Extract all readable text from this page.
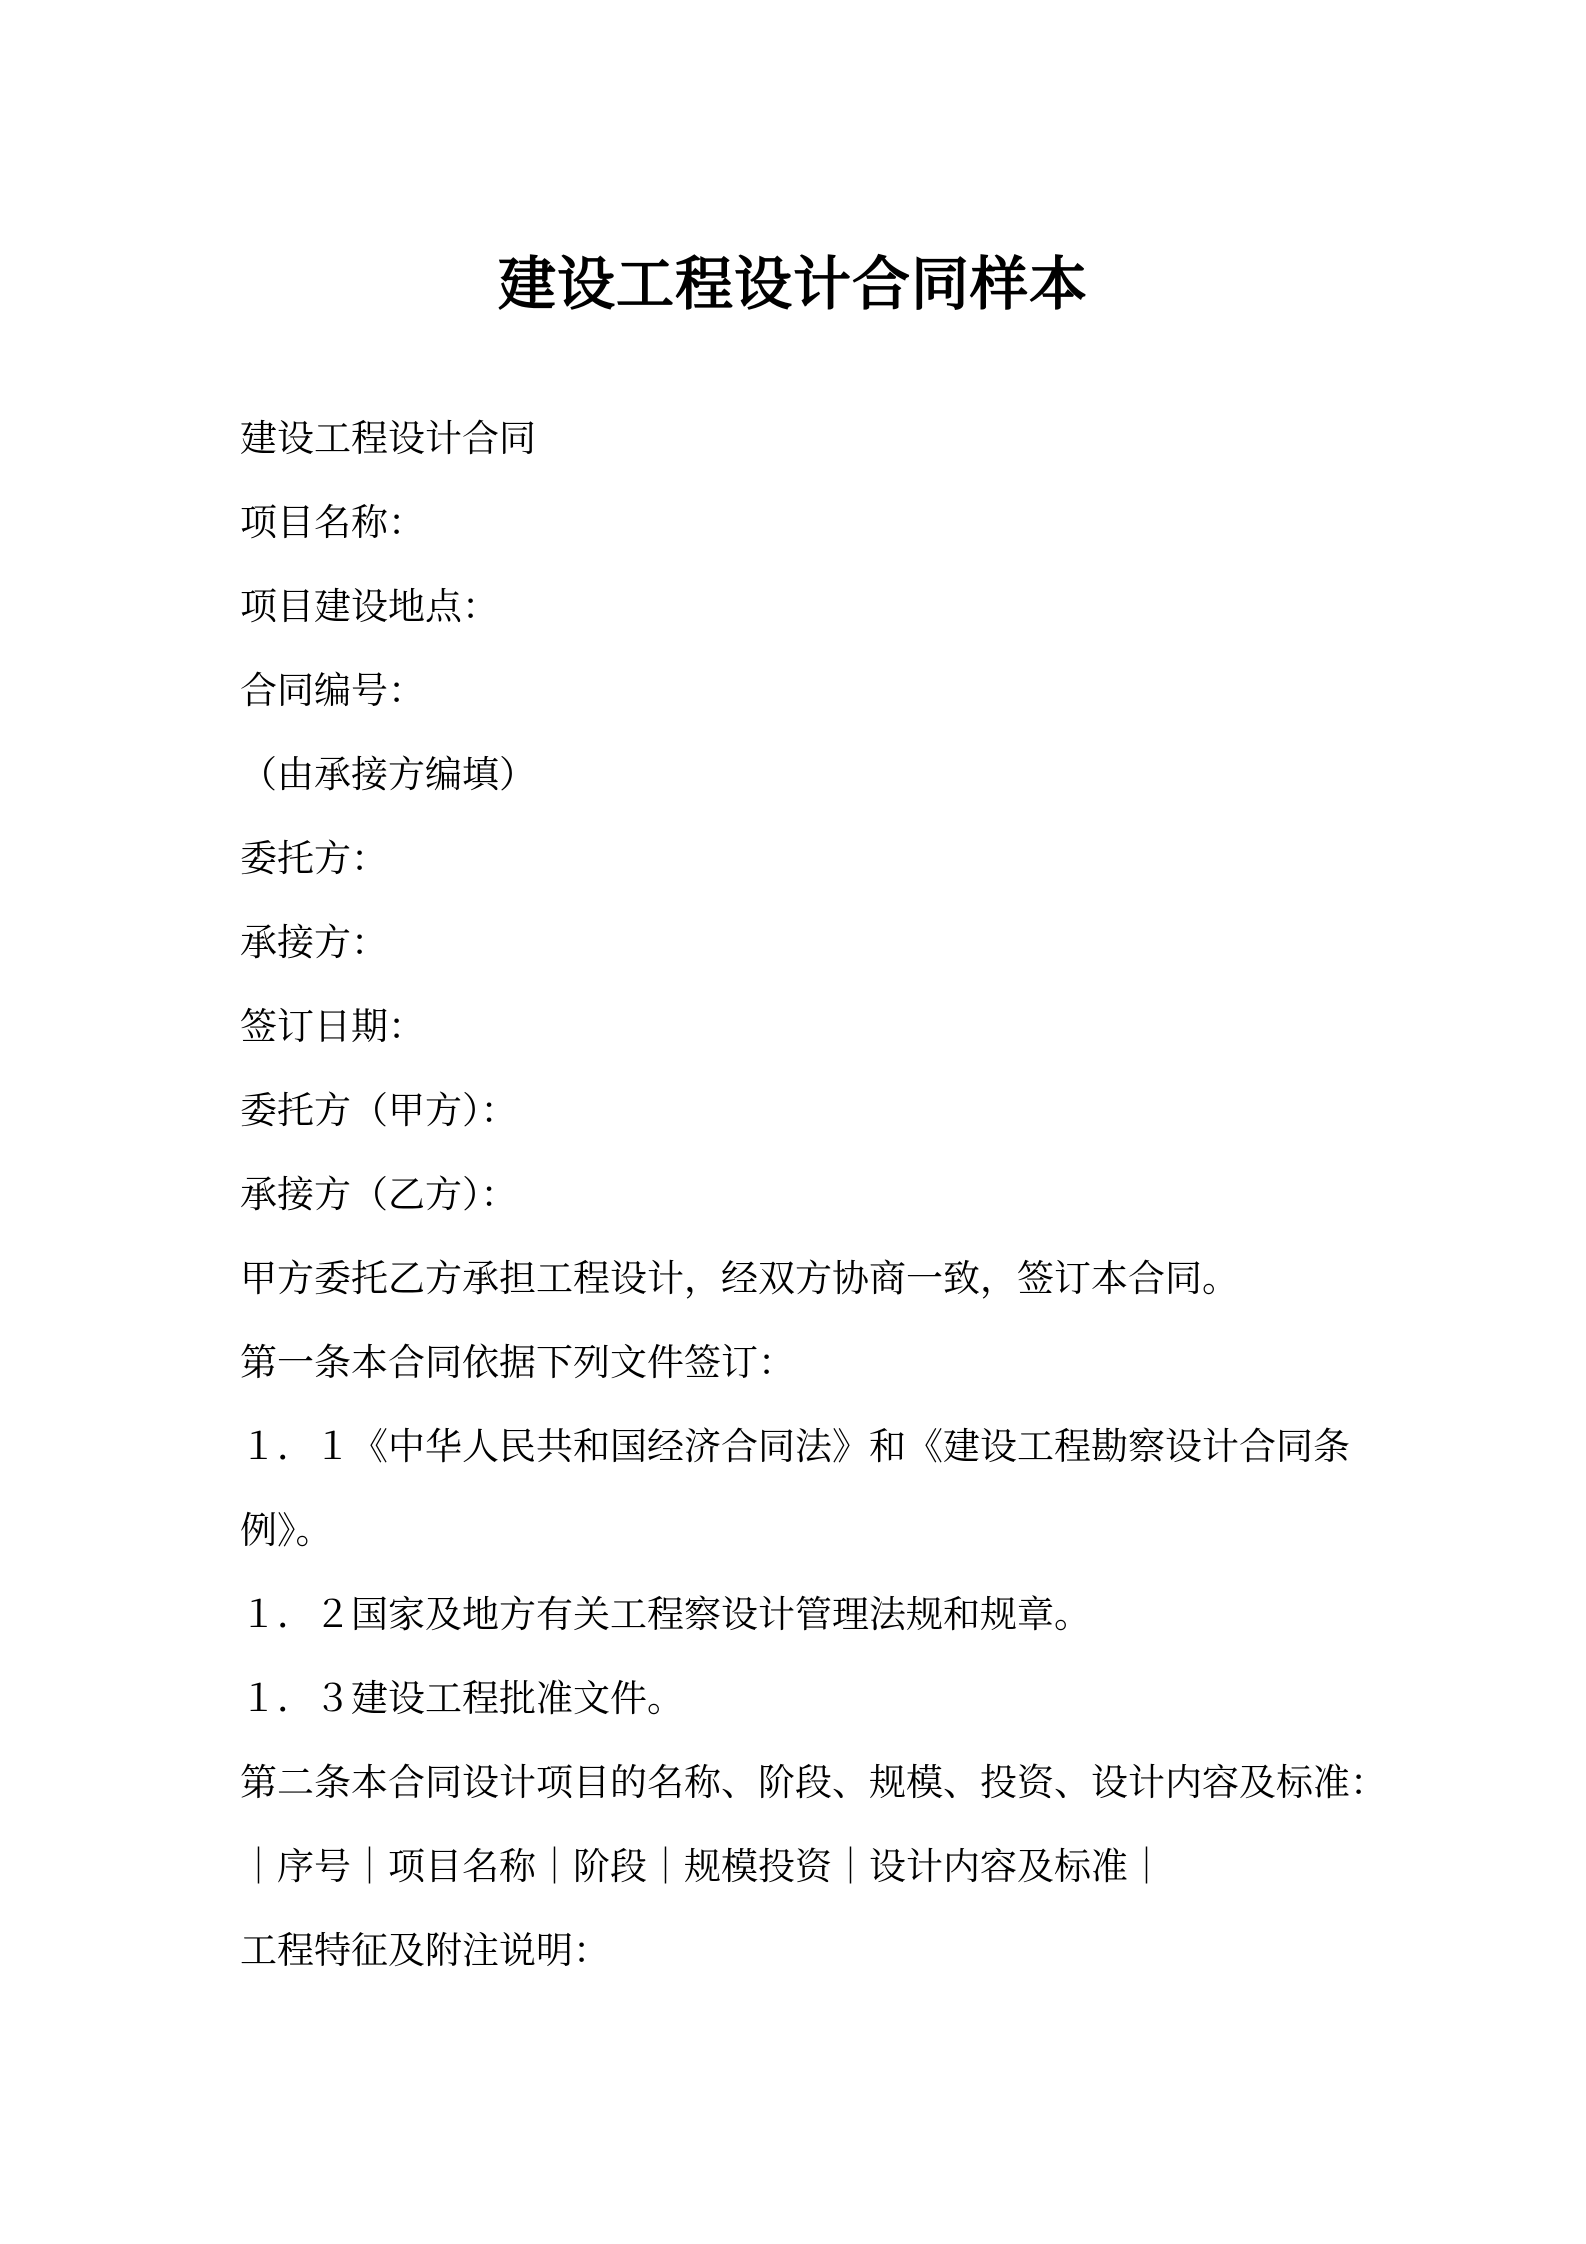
建设工程设计合同样本

建设工程设计合同

项目名称：

项目建设地点：

合同编号：

（由承接方编填）

委托方：

承接方：

签订日期：

委托方（甲方）：

承接方（乙方）：

甲方委托乙方承担工程设计，经双方协商一致，签订本合同。

第一条本合同依据下列文件签订：

１．１《中华人民共和国经济合同法》和《建设工程勘察设计合同条

例》。

１．２国家及地方有关工程察设计管理法规和规章。

１．３建设工程批准文件。

第二条本合同设计项目的名称、阶段、规模、投资、设计内容及标准：

｜序号｜项目名称｜阶段｜规模投资｜设计内容及标准｜

工程特征及附注说明：
